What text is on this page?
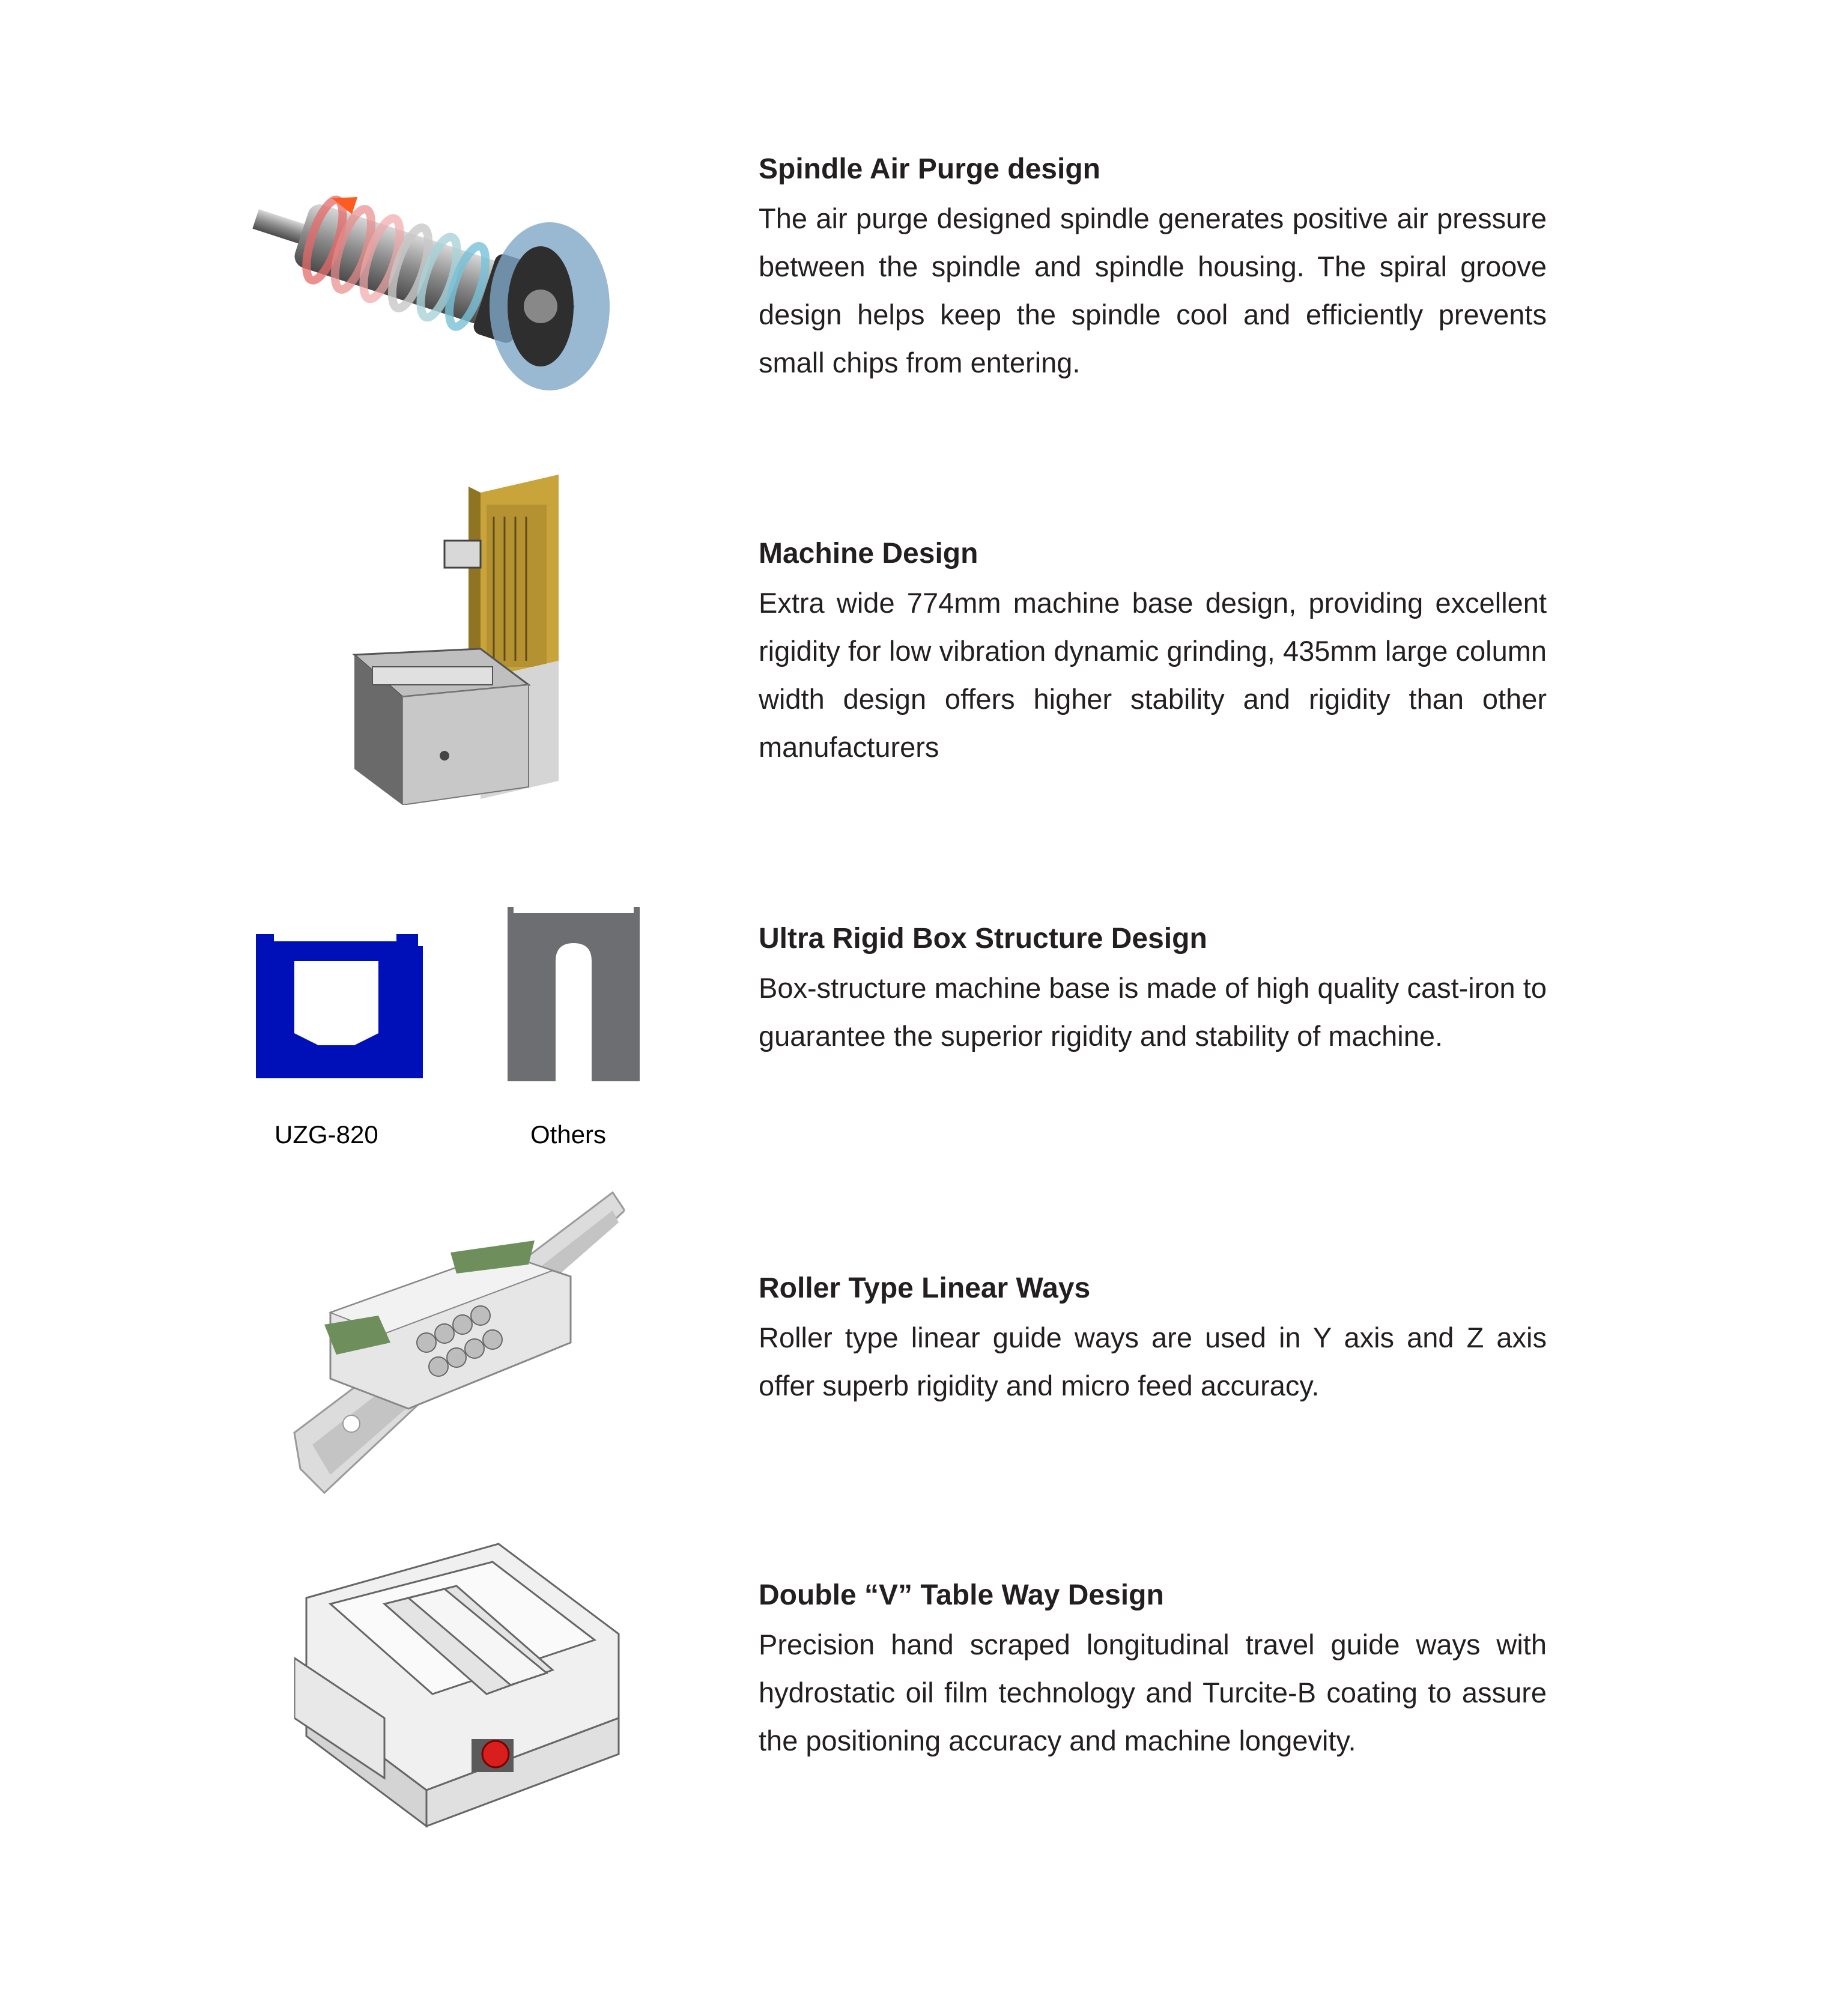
Spindle Air Purge design

The air purge designed spindle generates positive air pressure between the spindle and spindle housing. The spiral groove design helps keep the spindle cool and efficiently prevents small chips from entering.

Machine Design

Extra wide 774mm machine base design, providing excellent rigidity for low vibration dynamic grinding, 435mm large column width design offers higher stability and rigidity than other manufacturers

UZG-820	Others

Ultra Rigid Box Structure Design

Box-structure machine base is made of high quality cast-iron to guarantee the superior rigidity and stability of machine.

Roller Type Linear Ways

Roller type linear guide ways are used in Y axis and Z axis offer superb rigidity and micro feed accuracy.

Double “V” Table Way Design

Precision hand scraped longitudinal travel guide ways with hydrostatic oil film technology and Turcite-B coating to assure the positioning accuracy and machine longevity.
